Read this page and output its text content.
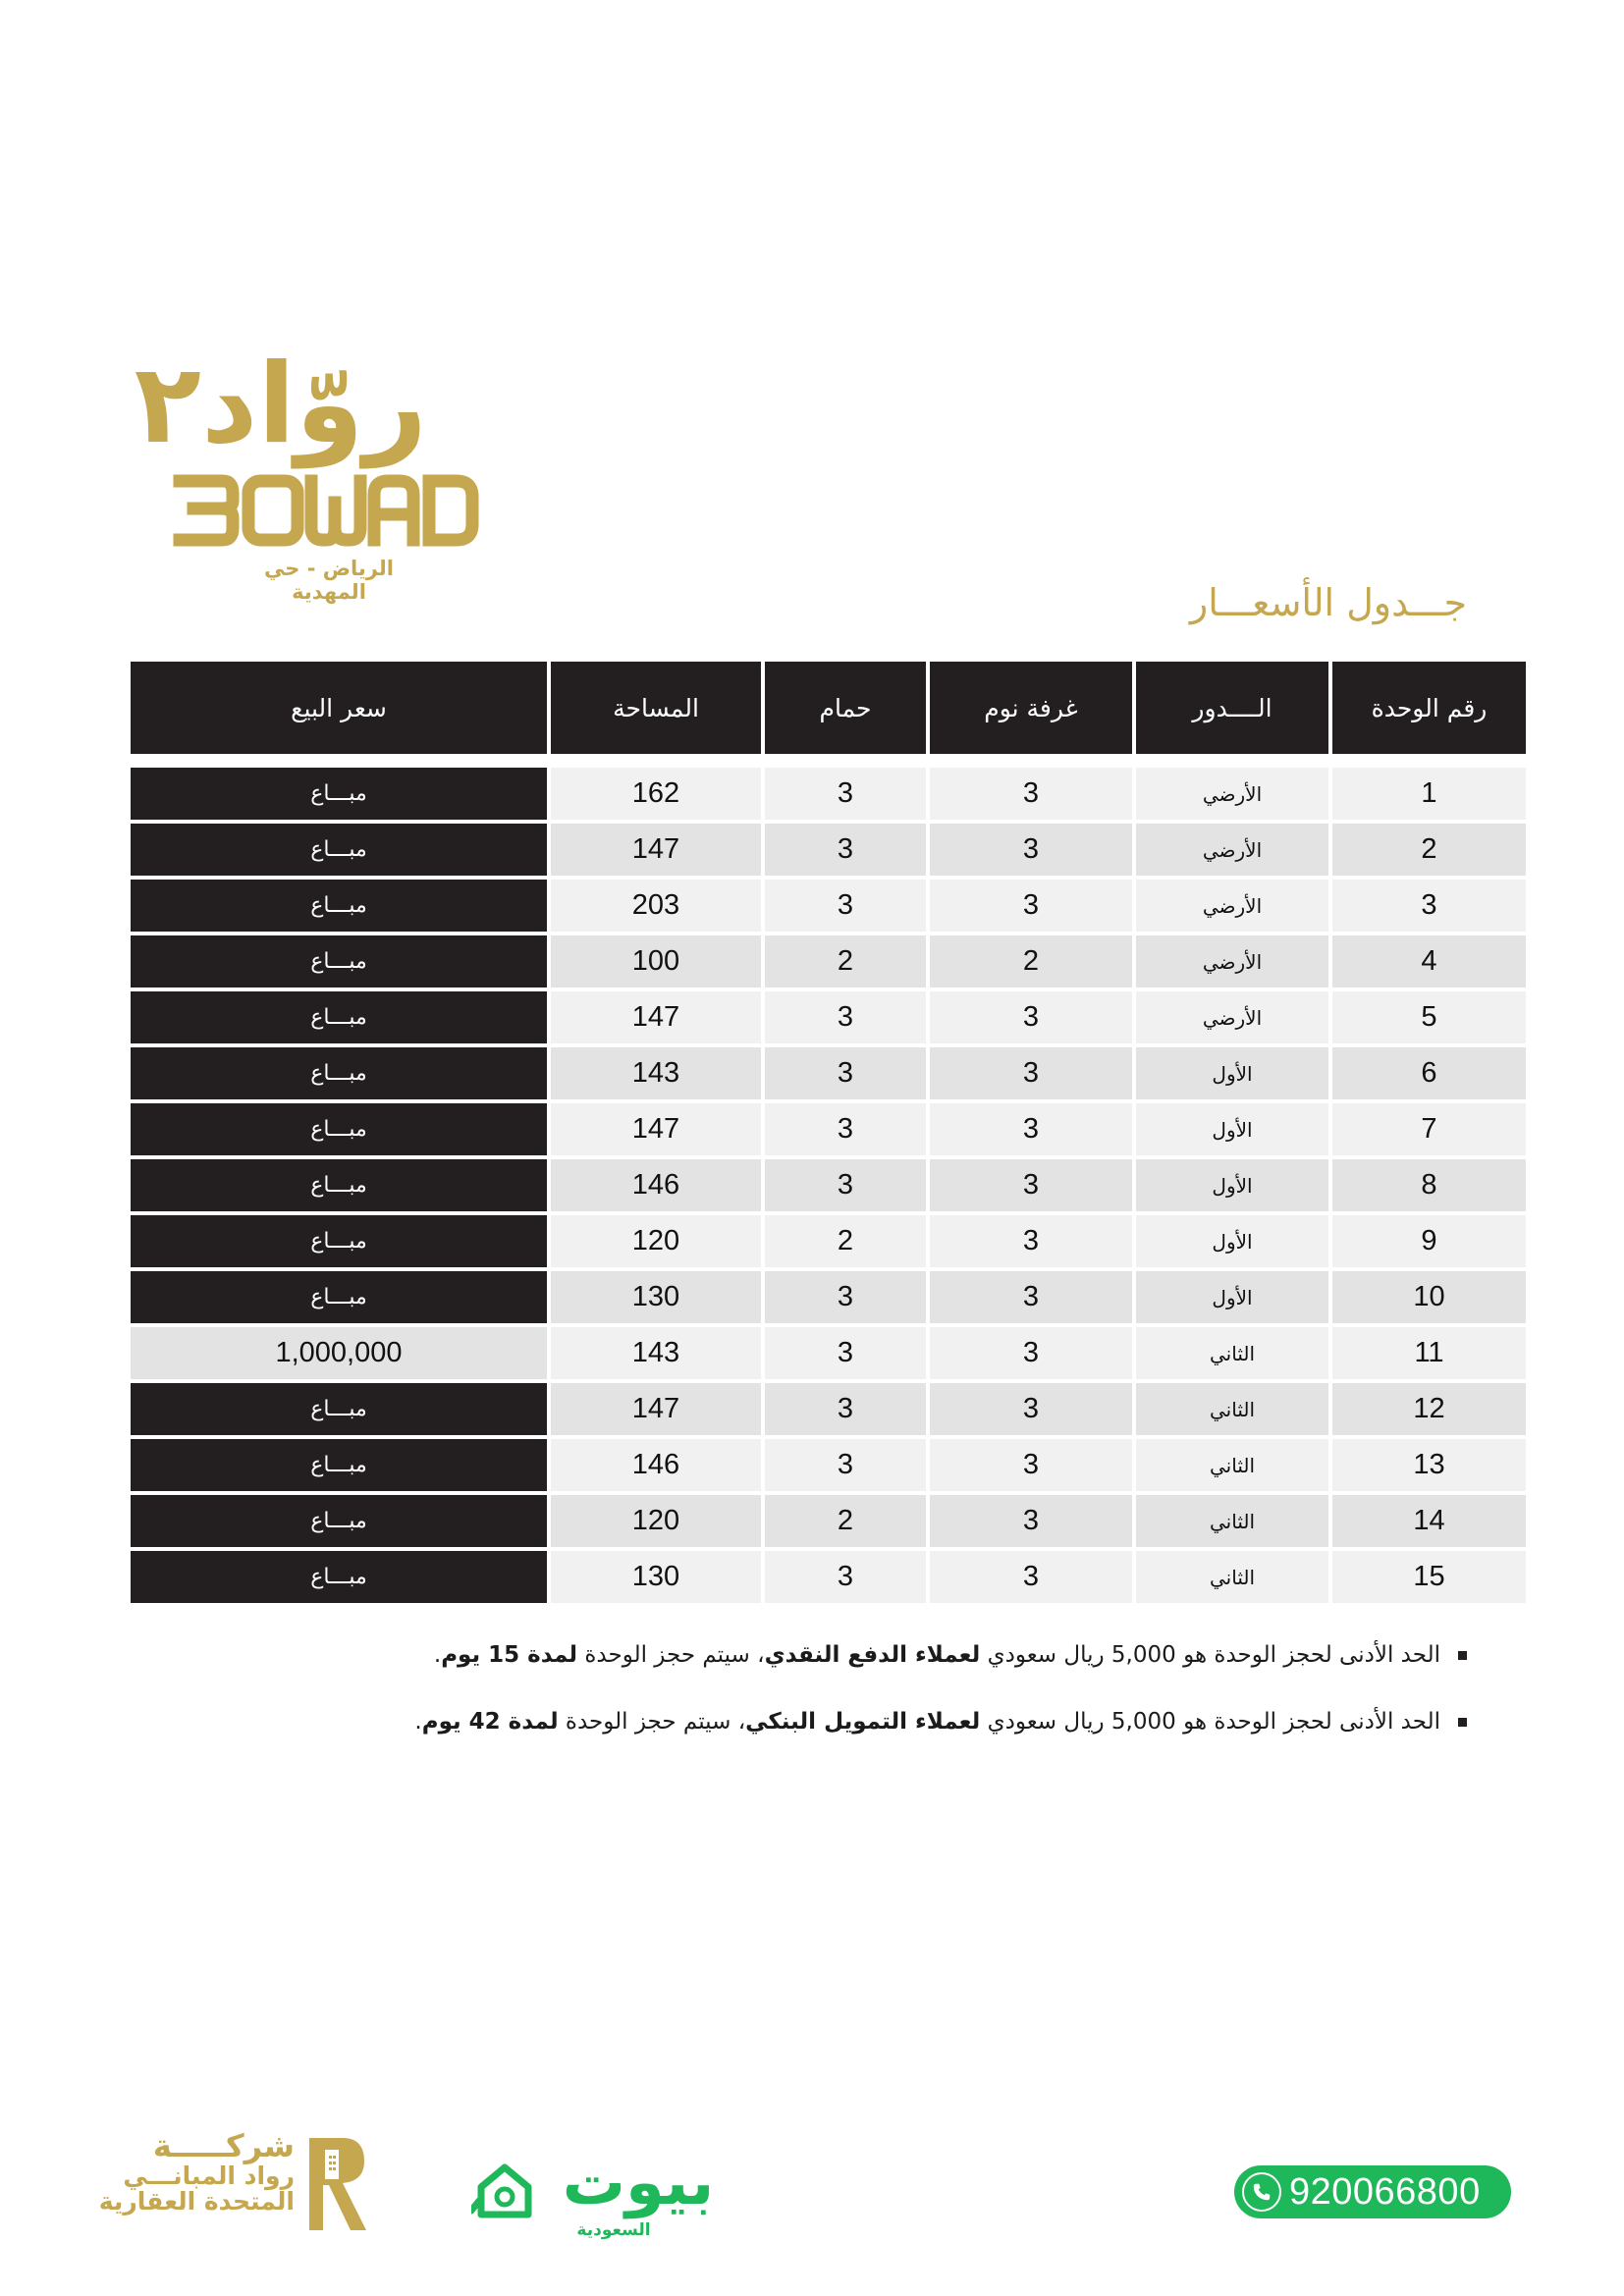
روّاد٢
الرياض - حي المهدية	جـــدول الأسعـــار
رقم الوحدة	الــــدور	غرفة نوم	حمام	المساحة	سعر البيع

1	الأرضي	3	3	162	مبـــاع
2	الأرضي	3	3	147	مبـــاع
3	الأرضي	3	3	203	مبـــاع
4	الأرضي	2	2	100	مبـــاع
5	الأرضي	3	3	147	مبـــاع
6	الأول	3	3	143	مبـــاع
7	الأول	3	3	147	مبـــاع
8	الأول	3	3	146	مبـــاع
9	الأول	3	2	120	مبـــاع
10	الأول	3	3	130	مبـــاع
11	الثاني	3	3	143	1,000,000
12	الثاني	3	3	147	مبـــاع
13	الثاني	3	3	146	مبـــاع
14	الثاني	3	2	120	مبـــاع
15	الثاني	3	3	130	مبـــاع
الحد الأدنى لحجز الوحدة هو 5,000 ريال سعودي لعملاء الدفع النقدي، سيتم حجز الوحدة لمدة 15 يوم.
الحد الأدنى لحجز الوحدة هو 5,000 ريال سعودي لعملاء التمويل البنكي، سيتم حجز الوحدة لمدة 42 يوم.
شركـــــة
رواد المبانـــي
المتحدة العقارية	بيوت
السعودية
920066800
